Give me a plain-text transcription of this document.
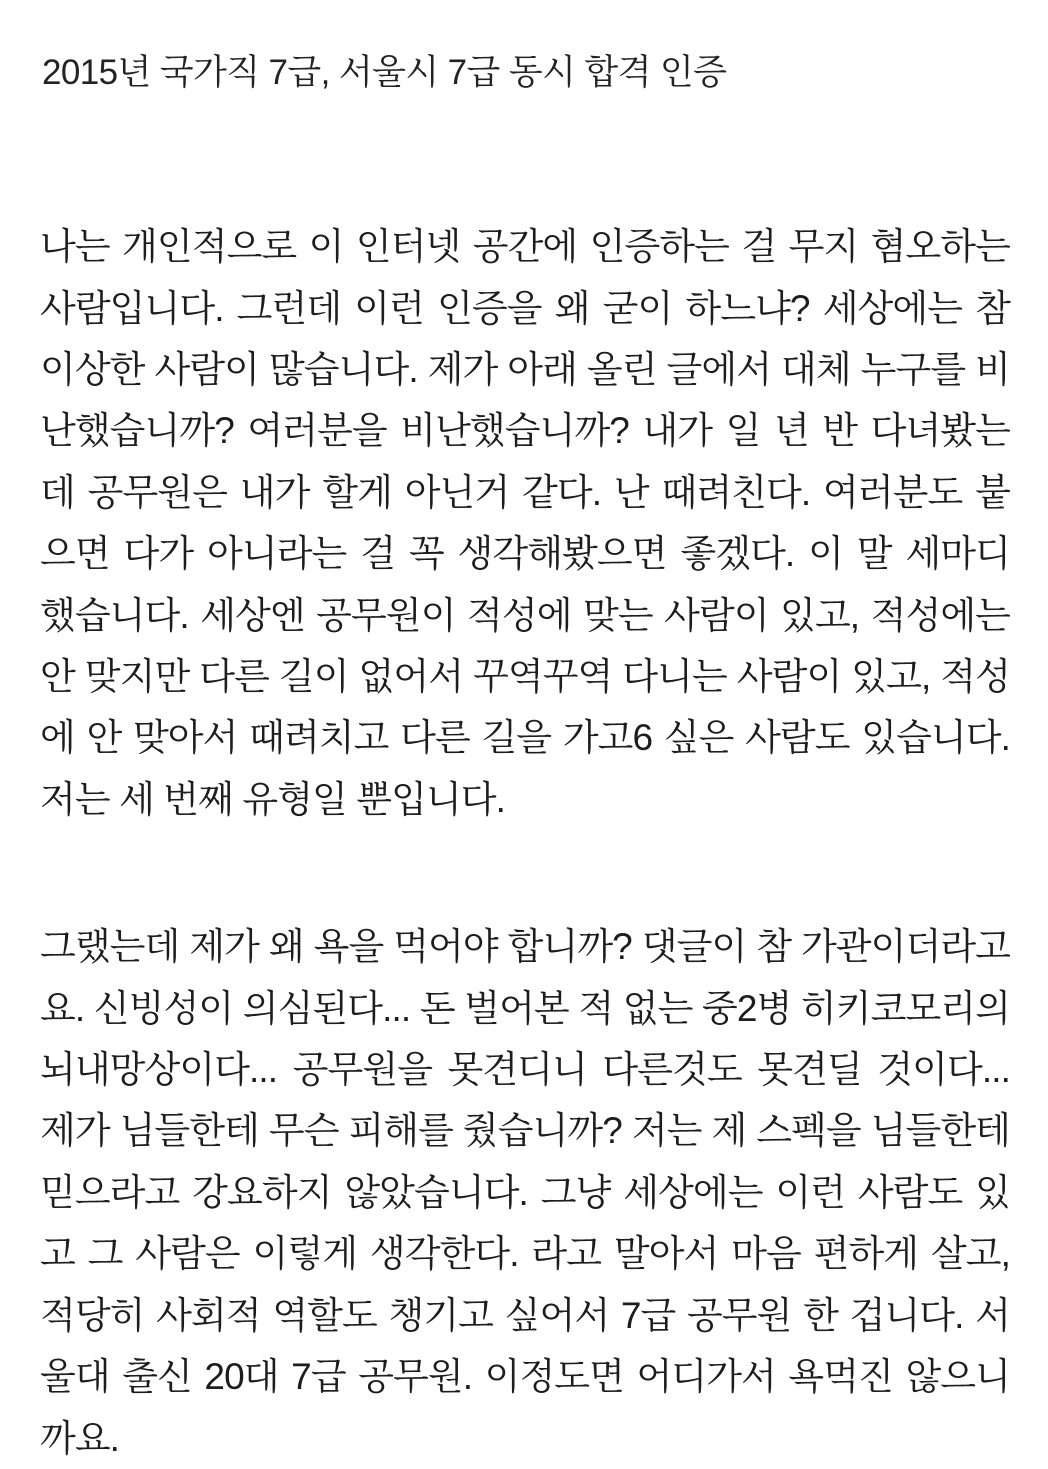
2015년 국가직 7급, 서울시 7급 동시 합격 인증

나는 개인적으로 이 인터넷 공간에 인증하는 걸 무지 혐오하는 사람입니다. 그런데 이런 인증을 왜 굳이 하느냐? 세상에는 참 이상한 사람이 많습니다. 제가 아래 올린 글에서 대체 누구를 비난했습니까? 여러분을 비난했습니까? 내가 일 년 반 다녀봤는데 공무원은 내가 할게 아닌거 같다. 난 때려친다. 여러분도 붙으면 다가 아니라는 걸 꼭 생각해봤으면 좋겠다. 이 말 세마디 했습니다. 세상엔 공무원이 적성에 맞는 사람이 있고, 적성에는 안 맞지만 다른 길이 없어서 꾸역꾸역 다니는 사람이 있고, 적성에 안 맞아서 때려치고 다른 길을 가고6 싶은 사람도 있습니다. 저는 세 번째 유형일 뿐입니다.

그랬는데 제가 왜 욕을 먹어야 합니까? 댓글이 참 가관이더라고요. 신빙성이 의심된다... 돈 벌어본 적 없는 중2병 히키코모리의 뇌내망상이다... 공무원을 못견디니 다른것도 못견딜 것이다... 제가 님들한테 무슨 피해를 줬습니까? 저는 제 스펙을 님들한테 믿으라고 강요하지 않았습니다. 그냥 세상에는 이런 사람도 있고 그 사람은 이렇게 생각한다. 라고 말아서 마음 편하게 살고, 적당히 사회적 역할도 챙기고 싶어서 7급 공무원 한 겁니다. 서울대 출신 20대 7급 공무원. 이정도면 어디가서 욕먹진 않으니까요.
